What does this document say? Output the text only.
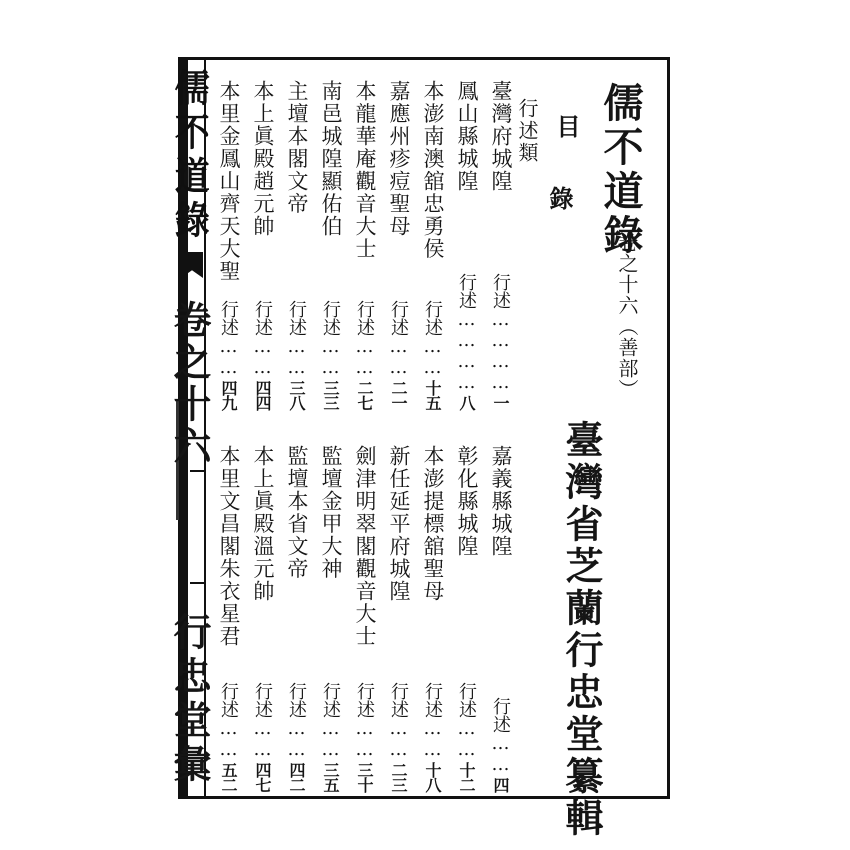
儒不道錄
卷之十六
行忠堂彙
儒不道錄
卷之十六（善部）
臺灣省芝蘭行忠堂纂輯
目
錄
行述類
臺灣府城隍
一
行述…………
鳳山縣城隍
八
行述…………
本澎南澳舘忠勇侯
十五
行述……
嘉應州疹痘聖母
二一
行述……
本龍華庵觀音大士
二七
行述……
南邑城隍顯佑伯
三三
行述……
主壇本閣文帝
三八
行述……
本上眞殿趙元帥
四四
行述……
本里金鳳山齊天大聖
四九
行述……
嘉義縣城隍
四
行述……
彰化縣城隍
十二
行述……
本澎提標舘聖母
十八
行述……
新任延平府城隍
二三
行述……
劍津明翠閣觀音大士
三十
行述……
監壇金甲大神
三五
行述……
監壇本省文帝
四二
行述……
本上眞殿溫元帥
四七
行述……
本里文昌閣朱衣星君
五二
行述……
